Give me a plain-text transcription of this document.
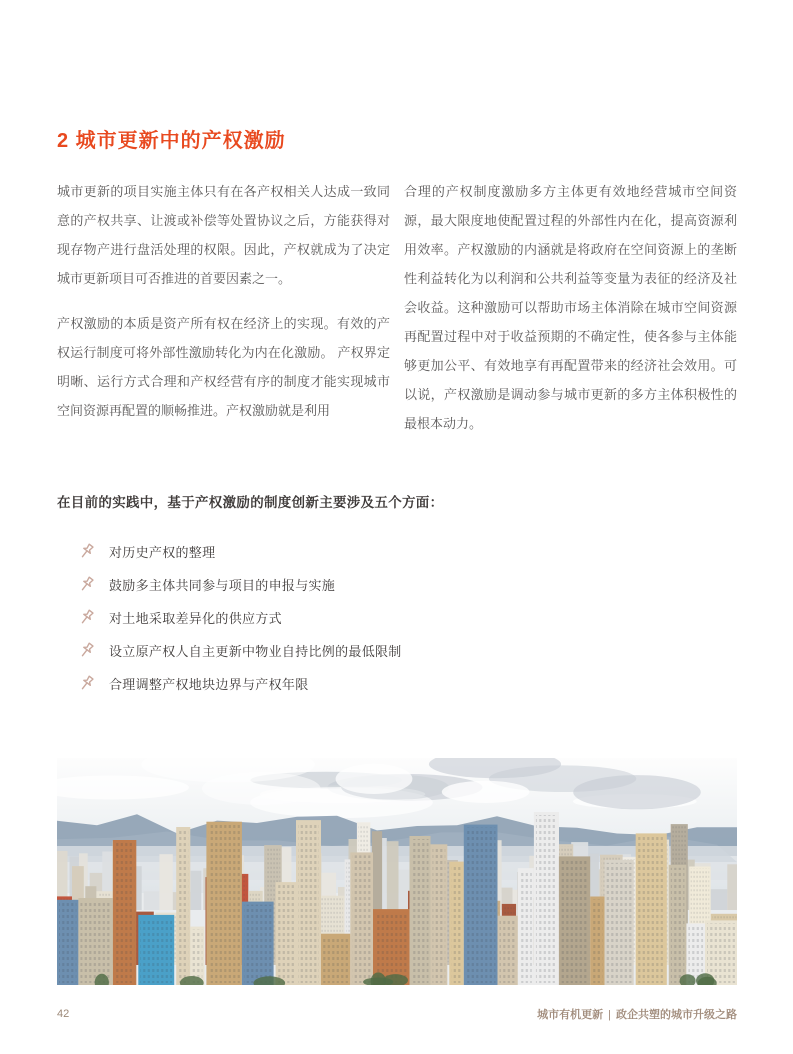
2 城市更新中的产权激励

城市更新的项目实施主体只有在各产权相关人达成一致同意的产权共享、让渡或补偿等处置协议之后，方能获得对现存物产进行盘活处理的权限。因此，产权就成为了决定城市更新项目可否推进的首要因素之一。

产权激励的本质是资产所有权在经济上的实现。有效的产权运行制度可将外部性激励转化为内在化激励。 产权界定明晰、运行方式合理和产权经营有序的制度才能实现城市空间资源再配置的顺畅推进。产权激励就是利用

合理的产权制度激励多方主体更有效地经营城市空间资源，最大限度地使配置过程的外部性内在化，提高资源利用效率。产权激励的内涵就是将政府在空间资源上的垄断性利益转化为以利润和公共利益等变量为表征的经济及社会收益。这种激励可以帮助市场主体消除在城市空间资源再配置过程中对于收益预期的不确定性，使各参与主体能够更加公平、有效地享有再配置带来的经济社会效用。可以说，产权激励是调动参与城市更新的多方主体积极性的最根本动力。

在目前的实践中，基于产权激励的制度创新主要涉及五个方面：

对历史产权的整理
鼓励多主体共同参与项目的申报与实施
对土地采取差异化的供应方式
设立原产权人自主更新中物业自持比例的最低限制
合理调整产权地块边界与产权年限
42	城市有机更新 | 政企共塑的城市升级之路
